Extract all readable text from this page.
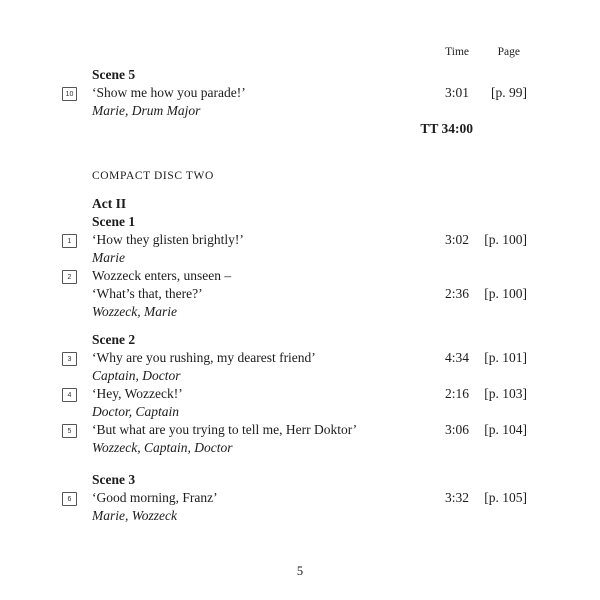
Time	Page
Scene 5
10 ‘Show me how you parade!’	3:01	[p. 99]
Marie, Drum Major
TT 34:00
COMPACT DISC TWO
Act II
Scene 1
1	‘How they glisten brightly!’	3:02	[p. 100]
Marie
2	Wozzeck enters, unseen –
‘What’s that, there?’	2:36	[p. 100]
Wozzeck, Marie
Scene 2
3	‘Why are you rushing, my dearest friend’	4:34	[p. 101]
Captain, Doctor
4	‘Hey, Wozzeck!’	2:16	[p. 103]
Doctor, Captain
5	‘But what are you trying to tell me, Herr Doktor’	3:06	[p. 104]
Wozzeck, Captain, Doctor
Scene 3
6	‘Good morning, Franz’	3:32	[p. 105]
Marie, Wozzeck
5
